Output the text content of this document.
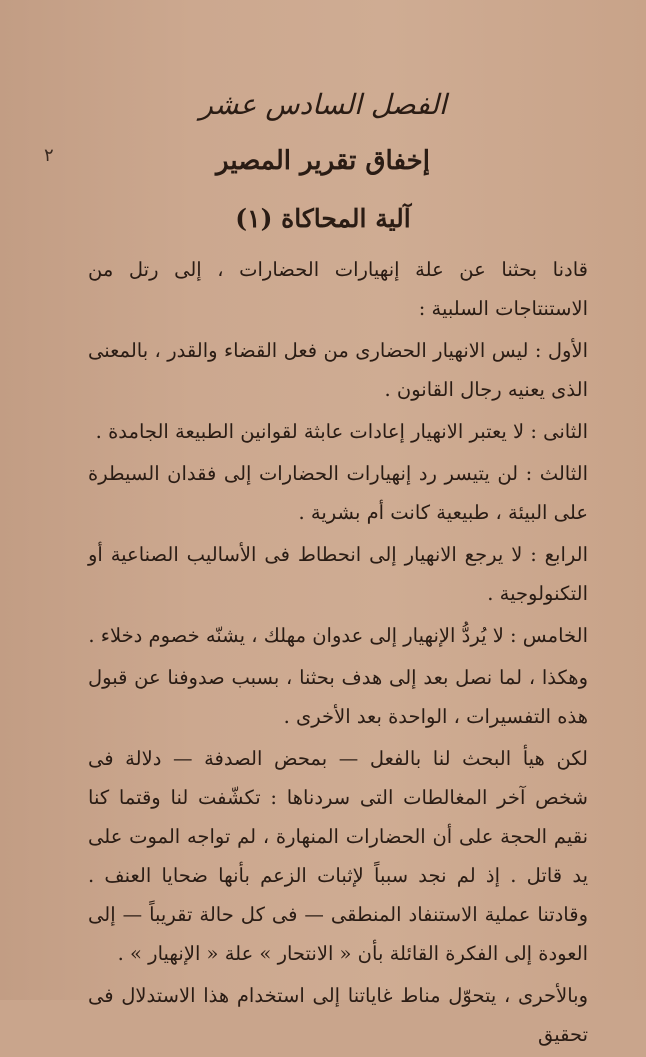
الفصل السادس عشر
٢	إخفاق تقرير المصير
(١) آلية المحاكاة

قادنا بحثنا عن علة إنهيارات الحضارات ، إلى رتل من الاستنتاجات السلبية :

الأول : ليس الانهيار الحضارى من فعل القضاء والقدر ، بالمعنى الذى يعنيه رجال القانون .

الثانى : لا يعتبر الانهيار إعادات عابثة لقوانين الطبيعة الجامدة .

الثالث : لن يتيسر رد إنهيارات الحضارات إلى فقدان السيطرة على البيئة ، طبيعية كانت أم بشرية .

الرابع : لا يرجع الانهيار إلى انحطاط فى الأساليب الصناعية أو التكنولوجية .

الخامس : لا يُردُّ الإنهيار إلى عدوان مهلك ، يشنّه خصوم دخلاء .

وهكذا ، لما نصل بعد إلى هدف بحثنا ، بسبب صدوفنا عن قبول هذه التفسيرات ، الواحدة بعد الأخرى .

لكن هيأ البحث لنا بالفعل — بمحض الصدفة — دلالة فى شخص آخر المغالطات التى سردناها : تكشّفت لنا وقتما كنا نقيم الحجة على أن الحضارات المنهارة ، لم تواجه الموت على يد قاتل . إذ لم نجد سبباً لإثبات الزعم بأنها ضحايا العنف . وقادتنا عملية الاستنفاد المنطقى — فى كل حالة تقريباً — إلى العودة إلى الفكرة القائلة بأن « الانتحار » علة « الإنهيار » .

وبالأحرى ، يتحوّل مناط غاياتنا إلى استخدام هذا الاستدلال فى تحقيق
